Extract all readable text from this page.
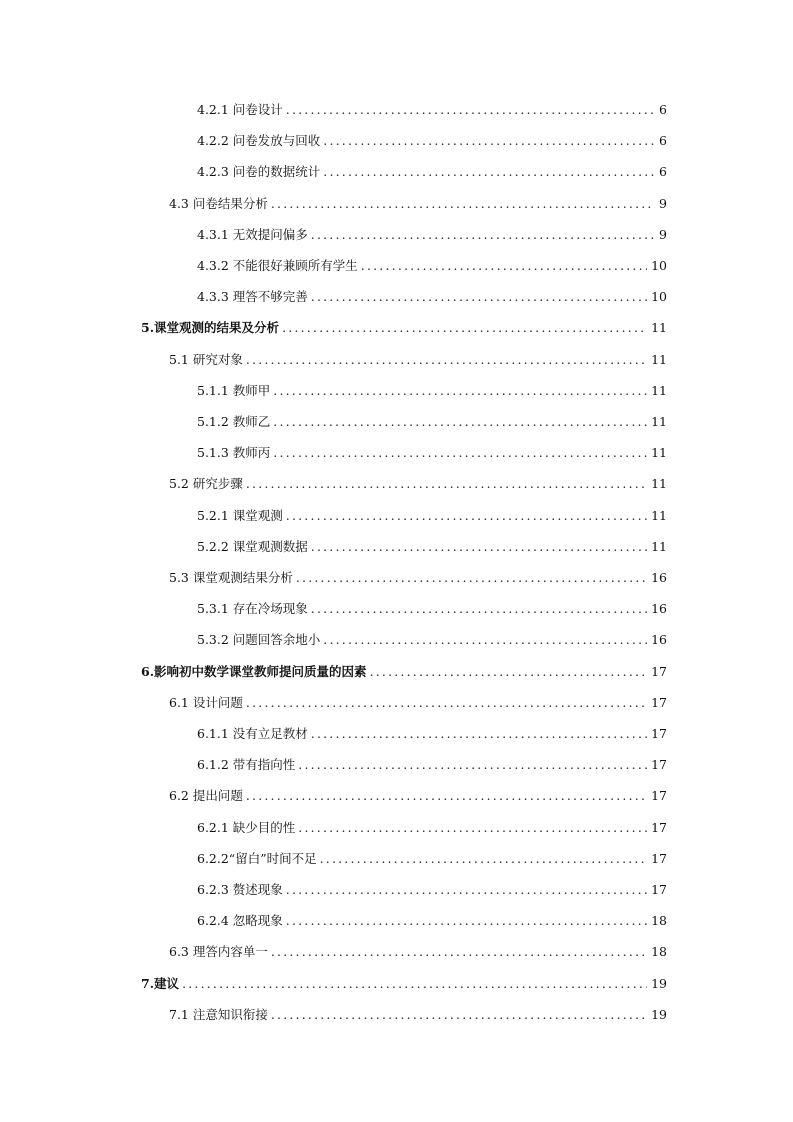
4.2.1 问卷设计 .....	6
4.2.2 问卷发放与回收 .....	6
4.2.3 问卷的数据统计 .....	6
4.3 问卷结果分析 .....	9
4.3.1 无效提问偏多 .....	9
4.3.2 不能很好兼顾所有学生 .....	10
4.3.3 理答不够完善 .....	10
5.课堂观测的结果及分析 .....	11
5.1 研究对象 .....	11
5.1.1 教师甲 .....	11
5.1.2 教师乙 .....	11
5.1.3 教师丙 .....	11
5.2 研究步骤 .....	11
5.2.1 课堂观测 .....	11
5.2.2 课堂观测数据 .....	11
5.3 课堂观测结果分析 .....	16
5.3.1 存在冷场现象 .....	16
5.3.2 问题回答余地小 .....	16
6.影响初中数学课堂教师提问质量的因素 .....	17
6.1 设计问题 .....	17
6.1.1 没有立足教材 .....	17
6.1.2 带有指向性 .....	17
6.2 提出问题 .....	17
6.2.1 缺少目的性 .....	17
6.2.2“留白”时间不足 .....	17
6.2.3 赘述现象 .....	17
6.2.4 忽略现象 .....	18
6.3 理答内容单一 .....	18
7.建议 .....	19
7.1 注意知识衔接 .....	19
